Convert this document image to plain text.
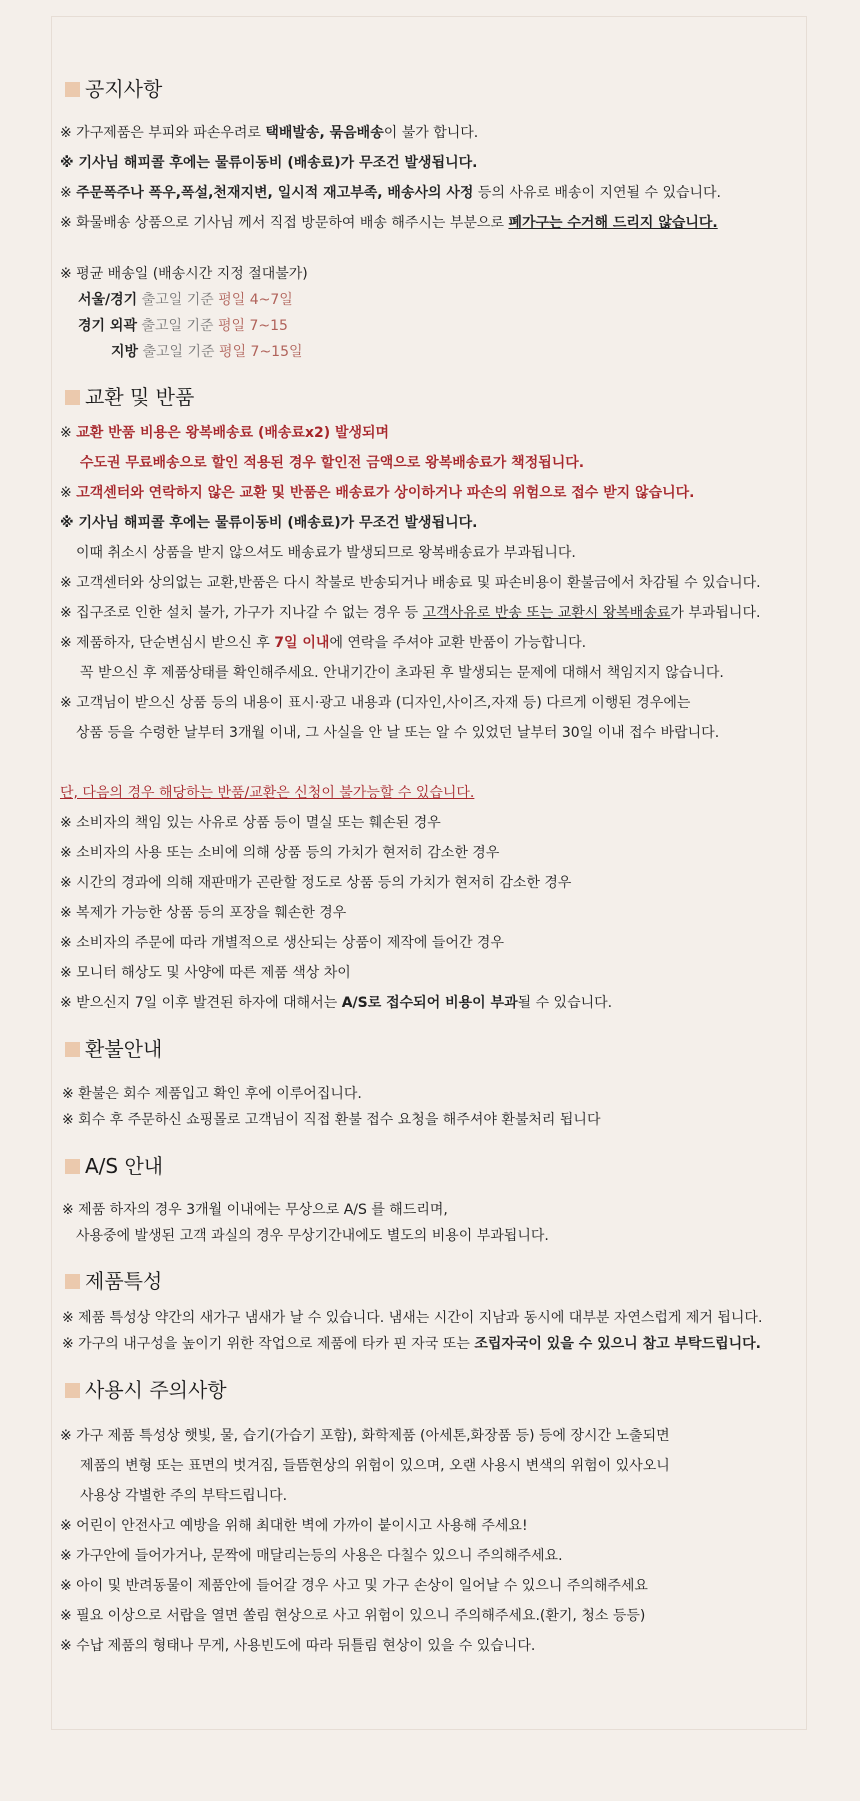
공지사항
※ 가구제품은 부피와 파손우려로 택배발송, 묶음배송이 불가 합니다.
※ 기사님 해피콜 후에는 물류이동비 (배송료)가 무조건 발생됩니다.
※ 주문폭주나 폭우,폭설,천재지변, 일시적 재고부족, 배송사의 사정 등의 사유로 배송이 지연될 수 있습니다.
※ 화물배송 상품으로 기사님 께서 직접 방문하여 배송 해주시는 부분으로 폐가구는 수거해 드리지 않습니다.
※ 평균 배송일 (배송시간 지정 절대불가)
서울/경기 출고일 기준 평일 4~7일
경기 외곽 출고일 기준 평일 7~15
지방 출고일 기준 평일 7~15일
교환 및 반품
※ 교환 반품 비용은 왕복배송료 (배송료x2) 발생되며
수도권 무료배송으로 할인 적용된 경우 할인전 금액으로 왕복배송료가 책정됩니다.
※ 고객센터와 연락하지 않은 교환 및 반품은 배송료가 상이하거나 파손의 위험으로 접수 받지 않습니다.
※ 기사님 해피콜 후에는 물류이동비 (배송료)가 무조건 발생됩니다.
이때 취소시 상품을 받지 않으셔도 배송료가 발생되므로 왕복배송료가 부과됩니다.
※ 고객센터와 상의없는 교환,반품은 다시 착불로 반송되거나 배송료 및 파손비용이 환불금에서 차감될 수 있습니다.
※ 집구조로 인한 설치 불가, 가구가 지나갈 수 없는 경우 등 고객사유로 반송 또는 교환시 왕복배송료가 부과됩니다.
※ 제품하자, 단순변심시 받으신 후 7일 이내에 연락을 주셔야 교환 반품이 가능합니다.
꼭 받으신 후 제품상태를 확인해주세요. 안내기간이 초과된 후 발생되는 문제에 대해서 책임지지 않습니다.
※ 고객님이 받으신 상품 등의 내용이 표시·광고 내용과 (디자인,사이즈,자재 등) 다르게 이행된 경우에는
상품 등을 수령한 날부터 3개월 이내, 그 사실을 안 날 또는 알 수 있었던 날부터 30일 이내 접수 바랍니다.
단, 다음의 경우 해당하는 반품/교환은 신청이 불가능할 수 있습니다.
※ 소비자의 책임 있는 사유로 상품 등이 멸실 또는 훼손된 경우
※ 소비자의 사용 또는 소비에 의해 상품 등의 가치가 현저히 감소한 경우
※ 시간의 경과에 의해 재판매가 곤란할 정도로 상품 등의 가치가 현저히 감소한 경우
※ 복제가 가능한 상품 등의 포장을 훼손한 경우
※ 소비자의 주문에 따라 개별적으로 생산되는 상품이 제작에 들어간 경우
※ 모니터 해상도 및 사양에 따른 제품 색상 차이
※ 받으신지 7일 이후 발견된 하자에 대해서는 A/S로 접수되어 비용이 부과될 수 있습니다.
환불안내
※ 환불은 회수 제품입고 확인 후에 이루어집니다.
※ 회수 후 주문하신 쇼핑몰로 고객님이 직접 환불 접수 요청을 해주셔야 환불처리 됩니다
A/S 안내
※ 제품 하자의 경우 3개월 이내에는 무상으로 A/S 를 해드리며,
사용중에 발생된 고객 과실의 경우 무상기간내에도 별도의 비용이 부과됩니다.
제품특성
※ 제품 특성상 약간의 새가구 냄새가 날 수 있습니다. 냄새는 시간이 지남과 동시에 대부분 자연스럽게 제거 됩니다.
※ 가구의 내구성을 높이기 위한 작업으로 제품에 타카 핀 자국 또는 조립자국이 있을 수 있으니 참고 부탁드립니다.
사용시 주의사항
※ 가구 제품 특성상 햇빛, 물, 습기(가습기 포함), 화학제품 (아세톤,화장품 등) 등에 장시간 노출되면
제품의 변형 또는 표면의 벗겨짐, 들뜸현상의 위험이 있으며, 오랜 사용시 변색의 위험이 있사오니
사용상 각별한 주의 부탁드립니다.
※ 어린이 안전사고 예방을 위해 최대한 벽에 가까이 붙이시고 사용해 주세요!
※ 가구안에 들어가거나, 문짝에 매달리는등의 사용은 다칠수 있으니 주의해주세요.
※ 아이 및 반려동물이 제품안에 들어갈 경우 사고 및 가구 손상이 일어날 수 있으니 주의해주세요
※ 필요 이상으로 서랍을 열면 쏠림 현상으로 사고 위험이 있으니 주의해주세요.(환기, 청소 등등)
※ 수납 제품의 형태나 무게, 사용빈도에 따라 뒤틀림 현상이 있을 수 있습니다.
